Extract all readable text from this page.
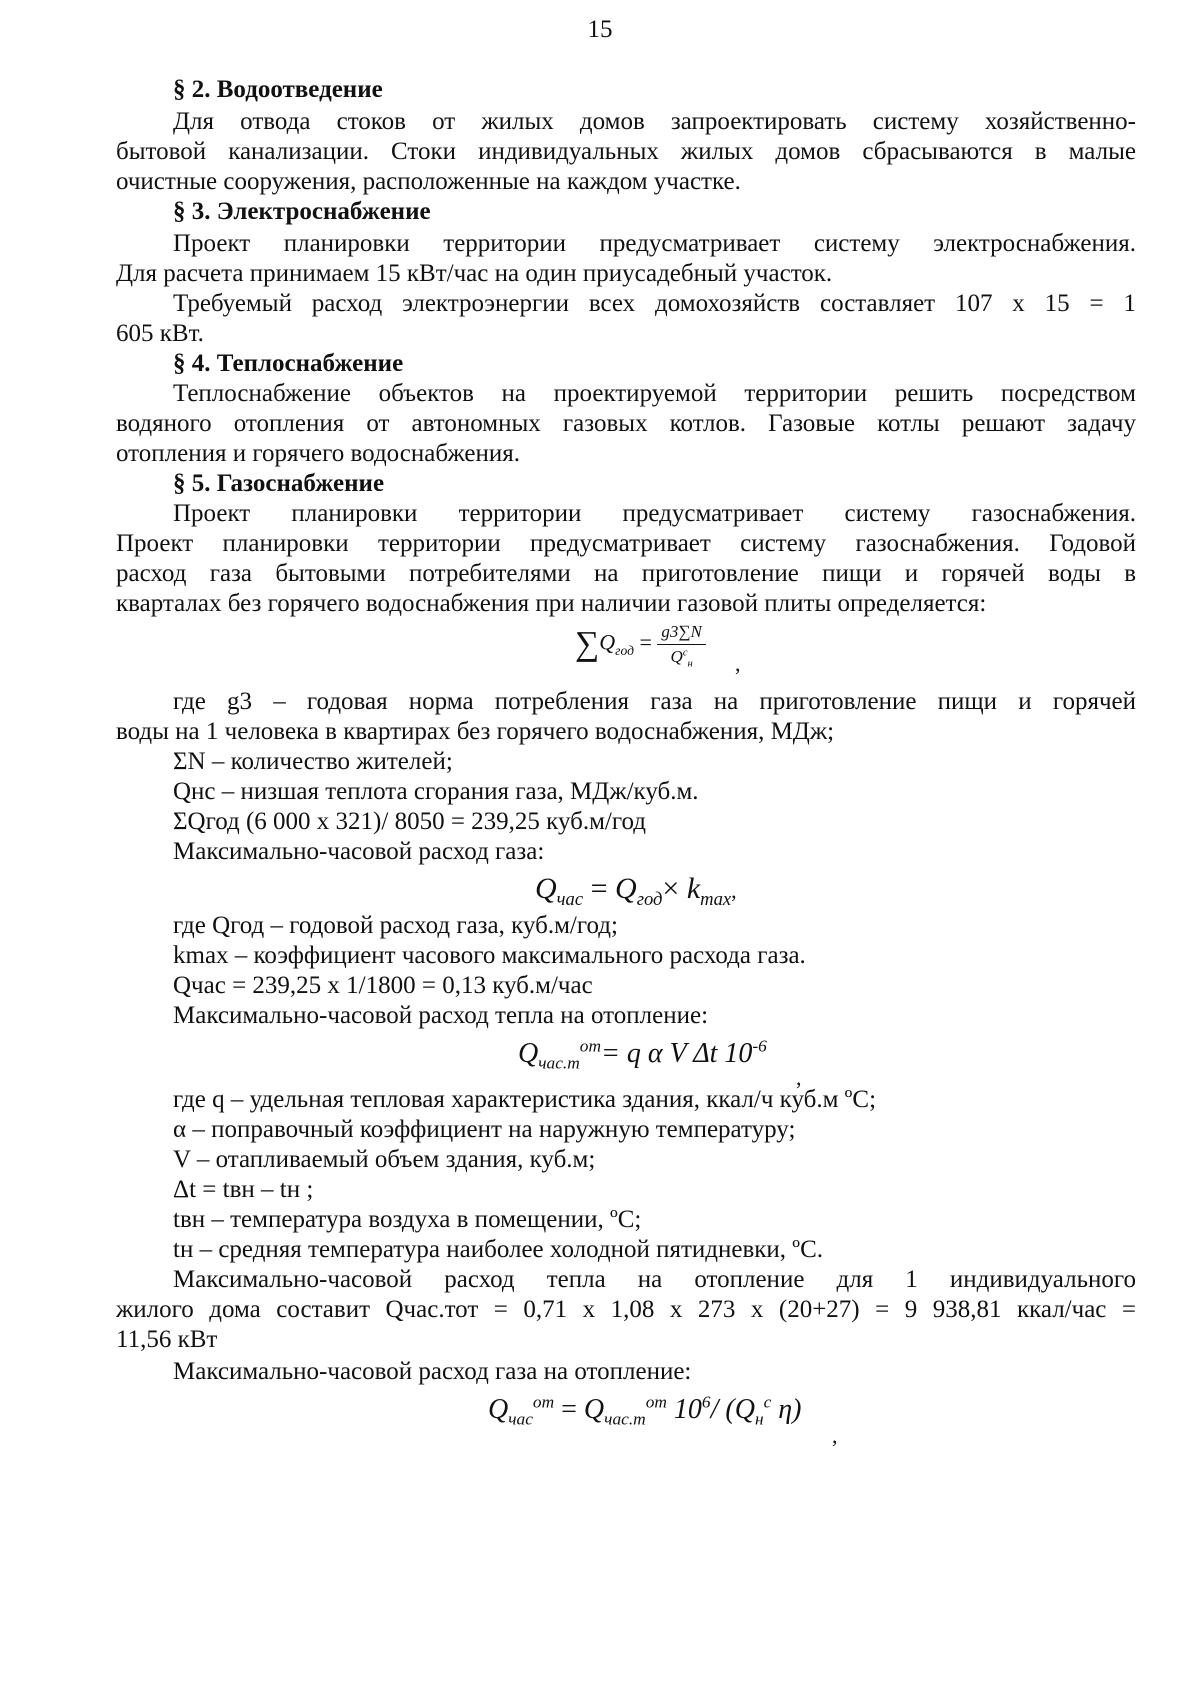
15
§ 2. Водоотведение
Для отвода стоков от жилых домов запроектировать систему хозяйственно-
бытовой канализации. Стоки индивидуальных жилых домов сбрасываются в малые
очистные сооружения, расположенные на каждом участке.
§ 3. Электроснабжение
Проект планировки территории предусматривает систему электроснабжения.
Для расчета принимаем 15 кВт/час на один приусадебный участок.
Требуемый расход электроэнергии всех домохозяйств составляет 107 x 15 = 1
605 кВт.
§ 4. Теплоснабжение
Теплоснабжение объектов на проектируемой территории решить посредством
водяного отопления от автономных газовых котлов. Газовые котлы решают задачу
отопления и горячего водоснабжения.
§ 5. Газоснабжение
Проект планировки территории предусматривает систему газоснабжения.
Проект планировки территории предусматривает систему газоснабжения. Годовой
расход газа бытовыми потребителями на приготовление пищи и горячей воды в
кварталах без горячего водоснабжения при наличии газовой плиты определяется:
$\sum Q_{год} = \frac{g3\sum N}{Q^с_н}$ ,
где g3 – годовая норма потребления газа на приготовление пищи и горячей
воды на 1 человека в квартирах без горячего водоснабжения, МДж;
ΣN – количество жителей;
Qнс – низшая теплота сгорания газа, МДж/куб.м.
ΣQгод (6 000 x 321)/ 8050 = 239,25 куб.м/год
Максимально-часовой расход газа:
$Q_{час} = Q_{год}\times k_{max}$,
где Qгод – годовой расход газа, куб.м/год;
kmax – коэффициент часового максимального расхода газа.
Qчас = 239,25 x 1/1800 = 0,13 куб.м/час
Максимально-часовой расход тепла на отопление:
$Q_{час.т}^{от}= q$ α V Δt $10^{-6}$
,
где q – удельная тепловая характеристика здания, ккал/ч куб.м ºС;
α – поправочный коэффициент на наружную температуру;
V – отапливаемый объем здания, куб.м;
Δt = tвн – tн ;
tвн – температура воздуха в помещении, ºС;
tн – средняя температура наиболее холодной пятидневки, ºС.
Максимально-часовой расход тепла на отопление для 1 индивидуального
жилого дома составит Qчас.тот = 0,71 x 1,08 x 273 x (20+27) = 9 938,81 ккал/час =
11,56 кВт
Максимально-часовой расход газа на отопление:
$Q_{час}^{от} = Q_{час.т}^{от}$ $10^6/$ ($Q_н^с$ η)
,
